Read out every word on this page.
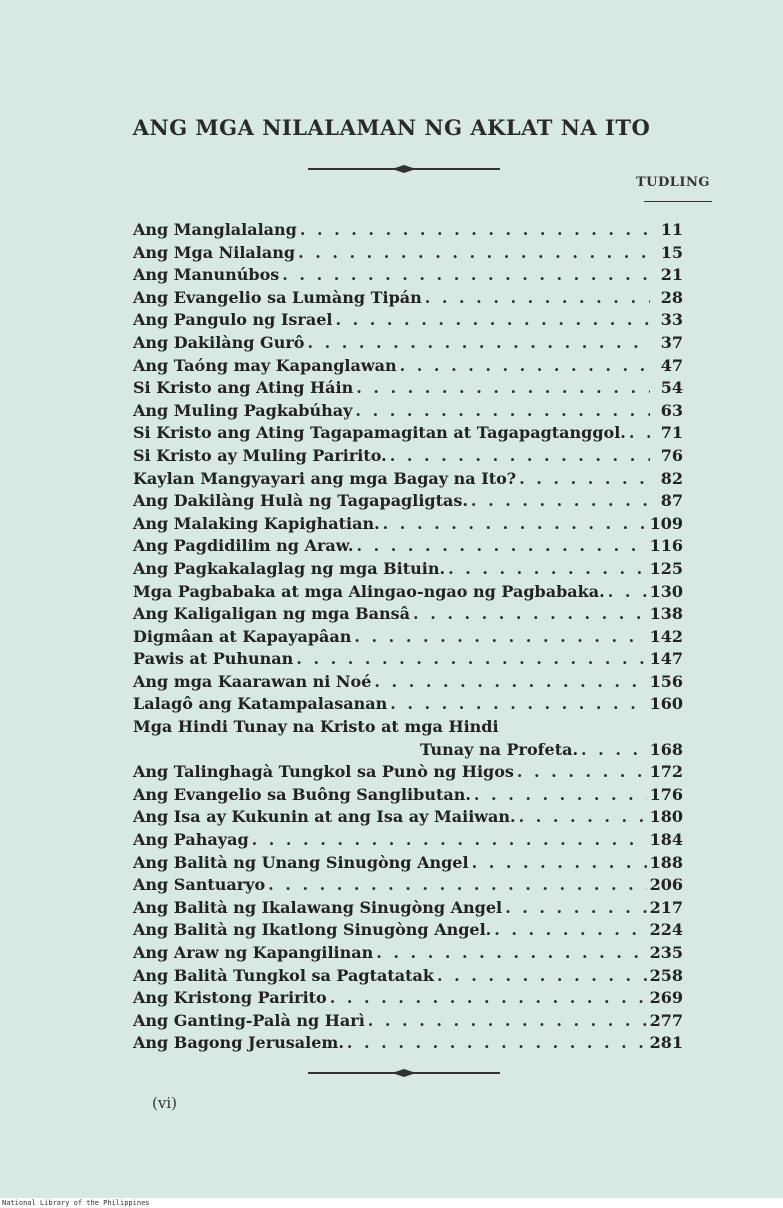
ANG MGA NILALAMAN NG AKLAT NA ITO
TUDLING
Ang Manglalalang . . .	11
Ang Mga Nilalang . . .	15
Ang Manunúbos . . .	21
Ang Evangelio sa Lumàng Tipán . . .	28
Ang Pangulo ng Israel . . .	33
Ang Dakilàng Gurô . . .	37
Ang Taóng may Kapanglawan . . .	47
Si Kristo ang Ating Háin . . .	54
Ang Muling Pagkabúhay . . .	63
Si Kristo ang Ating Tagapamagitan at Tagapagtanggol. . . .	71
Si Kristo ay Muling Paririto. . . .	76
Kaylan Mangyayari ang mga Bagay na Ito? . . .	82
Ang Dakilàng Hulà ng Tagapagligtas. . . .	87
Ang Malaking Kapighatian. . . .	109
Ang Pagdidilim ng Araw. . . .	116
Ang Pagkakalaglag ng mga Bituin. . . .	125
Mga Pagbabaka at mga Alingao-ngao ng Pagbabaka. . . .	130
Ang Kaligaligan ng mga Bansâ . . .	138
Digmâan at Kapayapâan . . .	142
Pawis at Puhunan . . .	147
Ang mga Kaarawan ni Noé . . .	156
Lalagô ang Katampalasanan . . .	160
Mga Hindi Tunay na Kristo at mga Hindi
Tunay na Profeta. . . .	168
Ang Talinghagà Tungkol sa Punò ng Higos . . .	172
Ang Evangelio sa Buông Sanglibutan. . . .	176
Ang Isa ay Kukunin at ang Isa ay Maiiwan. . . .	180
Ang Pahayag . . .	184
Ang Balità ng Unang Sinugòng Angel . . .	188
Ang Santuaryo . . .	206
Ang Balità ng Ikalawang Sinugòng Angel . . .	217
Ang Balità ng Ikatlong Sinugòng Angel. . . .	224
Ang Araw ng Kapangilinan . . .	235
Ang Balità Tungkol sa Pagtatatak . . .	258
Ang Kristong Paririto . . .	269
Ang Ganting-Palà ng Harì . . .	277
Ang Bagong Jerusalem. . . .	281
(vi)
National Library of the Philippines
